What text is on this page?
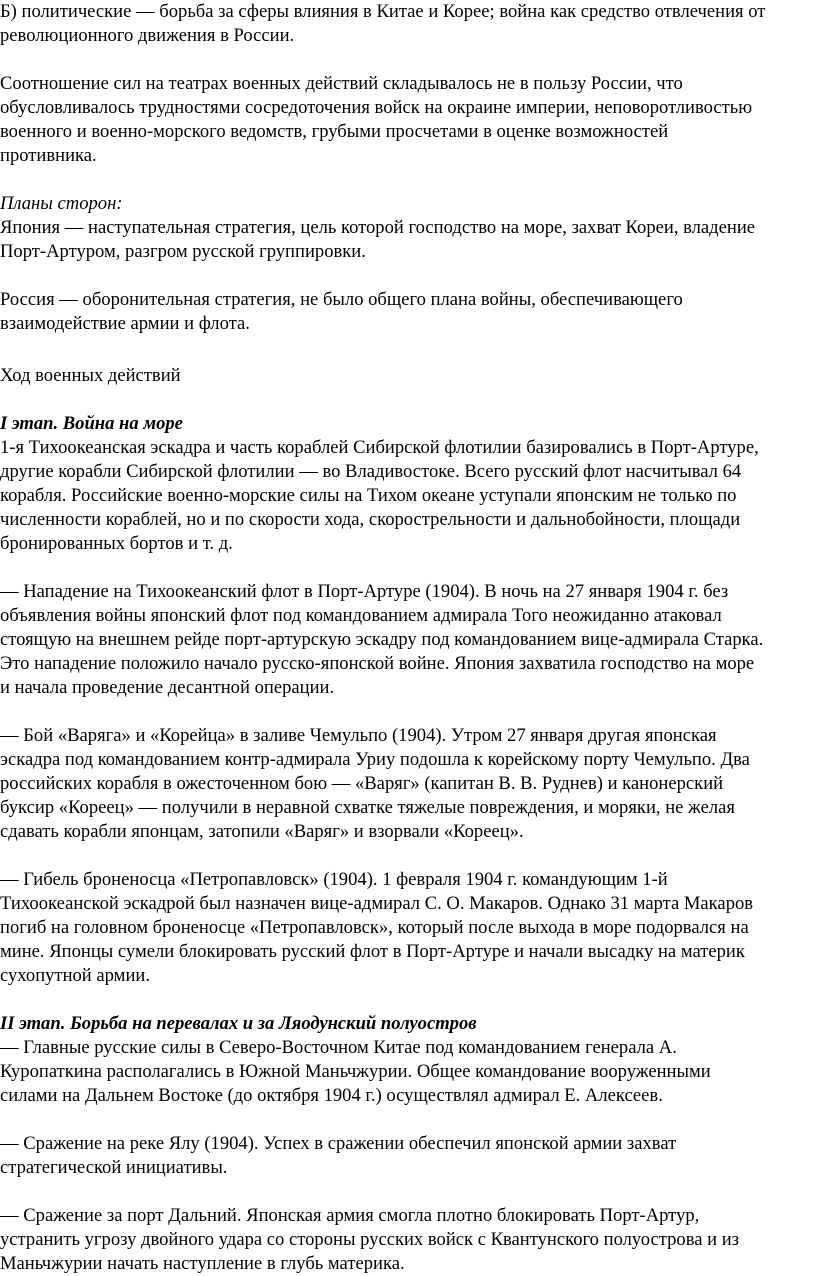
Б) политические — борьба за сферы влияния в Китае и Корее; война как средство отвлечения от
революционного движения в России.
Соотношение сил на театрах военных действий складывалось не в пользу России, что
обусловливалось трудностями сосредоточения войск на окраине империи, неповоротливостью
военного и военно-морского ведомств, грубыми просчетами в оценке возможностей
противника.
Планы сторон:
Япония — наступательная стратегия, цель которой господство на море, захват Кореи, владение
Порт-Артуром, разгром русской группировки.
Россия — оборонительная стратегия, не было общего плана войны, обеспечивающего
взаимодействие армии и флота.
Ход военных действий
I этап. Война на море
1-я Тихоокеанская эскадра и часть кораблей Сибирской флотилии базировались в Порт-Артуре,
другие корабли Сибирской флотилии — во Владивостоке. Всего русский флот насчитывал 64
корабля. Российские военно-морские силы на Тихом океане уступали японским не только по
численности кораблей, но и по скорости хода, скорострельности и дальнобойности, площади
бронированных бортов и т. д.
— Нападение на Тихоокеанский флот в Порт-Артуре (1904). В ночь на 27 января 1904 г. без
объявления войны японский флот под командованием адмирала Того неожиданно атаковал
стоящую на внешнем рейде порт-артурскую эскадру под командованием вице-адмирала Старка.
Это нападение положило начало русско-японской войне. Япония захватила господство на море
и начала проведение десантной операции.
— Бой «Варяга» и «Корейца» в заливе Чемульпо (1904). Утром 27 января другая японская
эскадра под командованием контр-адмирала Уриу подошла к корейскому порту Чемульпо. Два
российских корабля в ожесточенном бою — «Варяг» (капитан В. В. Руднев) и канонерский
буксир «Кореец» — получили в неравной схватке тяжелые повреждения, и моряки, не желая
сдавать корабли японцам, затопили «Варяг» и взорвали «Кореец».
— Гибель броненосца «Петропавловск» (1904). 1 февраля 1904 г. командующим 1-й
Тихоокеанской эскадрой был назначен вице-адмирал С. О. Макаров. Однако 31 марта Макаров
погиб на головном броненосце «Петропавловск», который после выхода в море подорвался на
мине. Японцы сумели блокировать русский флот в Порт-Артуре и начали высадку на материк
сухопутной армии.
II этап. Борьба на перевалах и за Ляодунский полуостров
— Главные русские силы в Северо-Восточном Китае под командованием генерала А.
Куропаткина располагались в Южной Маньчжурии. Общее командование вооруженными
силами на Дальнем Востоке (до октября 1904 г.) осуществлял адмирал Е. Алексеев.
— Сражение на реке Ялу (1904). Успех в сражении обеспечил японской армии захват
стратегической инициативы.
— Сражение за порт Дальний. Японская армия смогла плотно блокировать Порт-Артур,
устранить угрозу двойного удара со стороны русских войск с Квантунского полуострова и из
Маньчжурии начать наступление в глубь материка.
